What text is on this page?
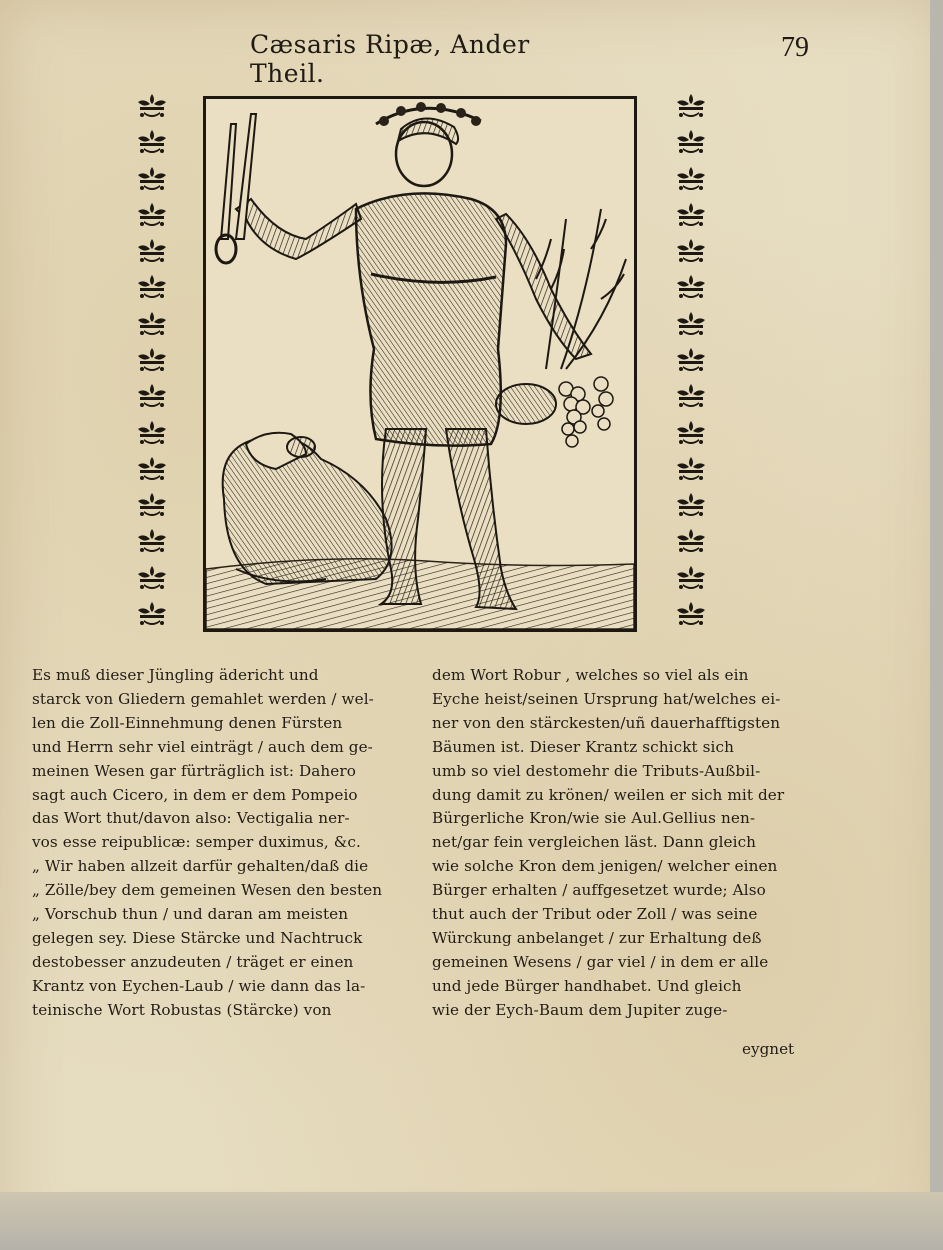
Cæsaris Ripæ, Ander Theil.
79
Es muß dieser Jüngling ädericht und
starck von Gliedern gemahlet werden / wel-
len die Zoll-Einnehmung denen Fürsten
und Herrn sehr viel einträgt / auch dem ge-
meinen Wesen gar fürträglich ist: Dahero
sagt auch Cicero, in dem er dem Pompeio
das Wort thut/davon also: Vectigalia ner-
vos esse reipublicæ: semper duximus, &c.
„ Wir haben allzeit darfür gehalten/daß die
„ Zölle/bey dem gemeinen Wesen den besten
„ Vorschub thun / und daran am meisten
gelegen sey. Diese Stärcke und Nachtruck
destobesser anzudeuten / träget er einen
Krantz von Eychen-Laub / wie dann das la-
teinische Wort Robustas (Stärcke) von
dem Wort Robur , welches so viel als ein
Eyche heist/seinen Ursprung hat/welches ei-
ner von den stärckesten/uñ dauerhafftigsten
Bäumen ist. Dieser Krantz schickt sich
umb so viel destomehr die Tributs-Außbil-
dung damit zu krönen/ weilen er sich mit der
Bürgerliche Kron/wie sie Aul.Gellius nen-
net/gar fein vergleichen läst. Dann gleich
wie solche Kron dem jenigen/ welcher einen
Bürger erhalten / auffgesetzet wurde; Also
thut auch der Tribut oder Zoll / was seine
Würckung anbelanget / zur Erhaltung deß
gemeinen Wesens / gar viel / in dem er alle
und jede Bürger handhabet. Und gleich
wie der Eych-Baum dem Jupiter zuge-
eygnet
